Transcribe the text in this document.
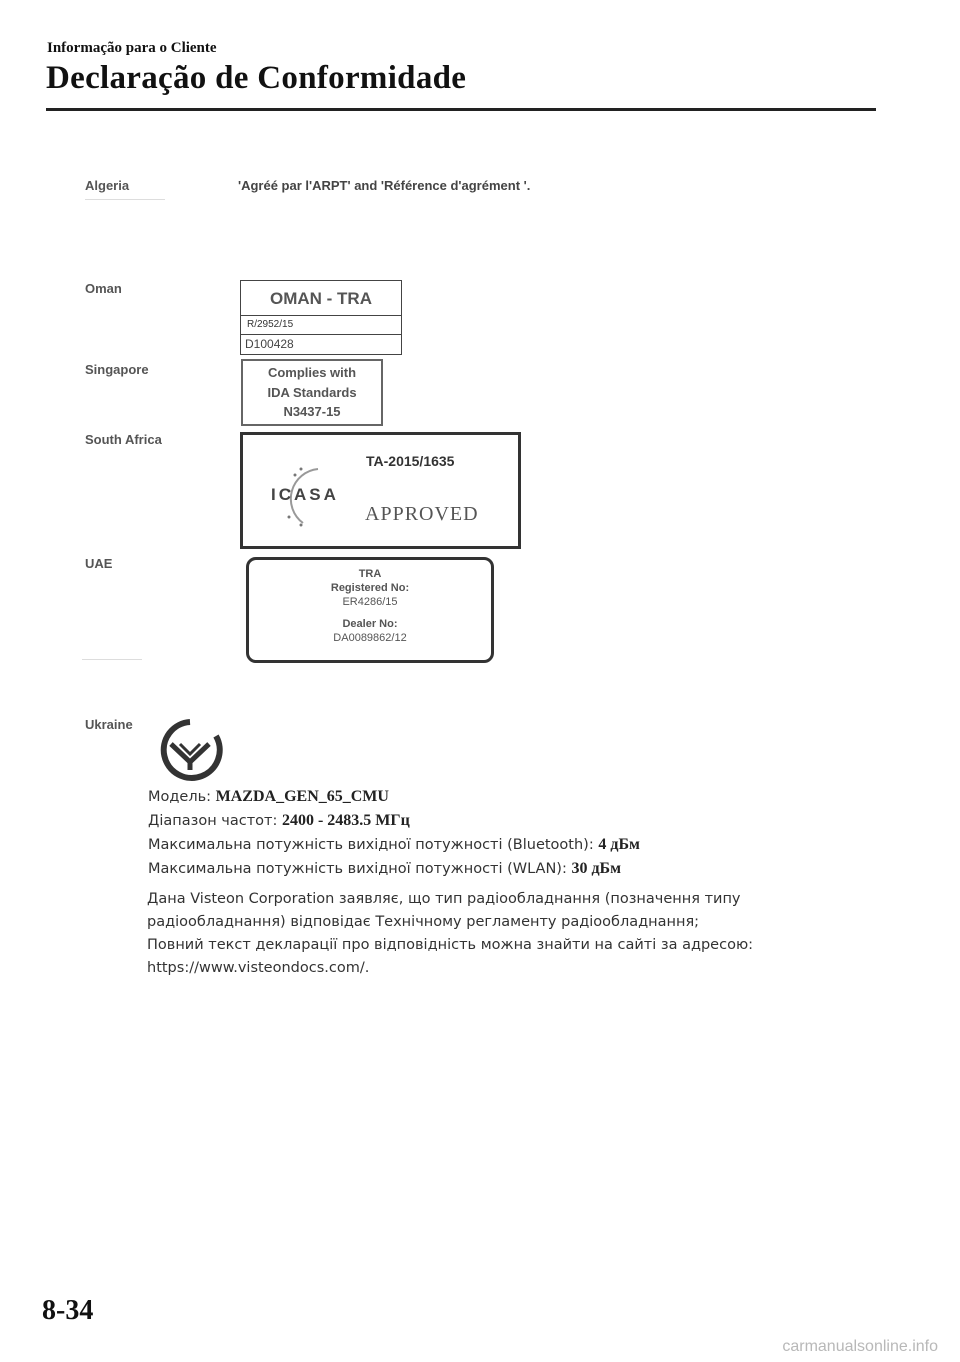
Informação para o Cliente
Declaração de Conformidade
Algeria	'Agréé par l'ARPT' and 'Référence d'agrément '.
Oman
OMAN - TRA
R/2952/15
D100428
Singapore	Complies with
IDA Standards
N3437-15
South Africa
TA-2015/1635
ICASA
APPROVED
UAE
TRA
Registered No:
ER4286/15
Dealer No:
DA0089862/12
Ukraine
Модель: MAZDA_GEN_65_CMU
Діапазон частот: 2400 - 2483.5 МГц
Максимальна потужність вихідної потужності (Bluetooth): 4 дБм
Максимальна потужність вихідної потужності (WLAN): 30 дБм
Дана Visteon Corporation заявляє, що тип радіообладнання (позначення типу радіообладнання) відповідає Технічному регламенту радіообладнання;
Повний текст декларації про відповідність можна знайти на сайті за адресою: https://www.visteondocs.com/.
8-34
carmanualsonline.info
